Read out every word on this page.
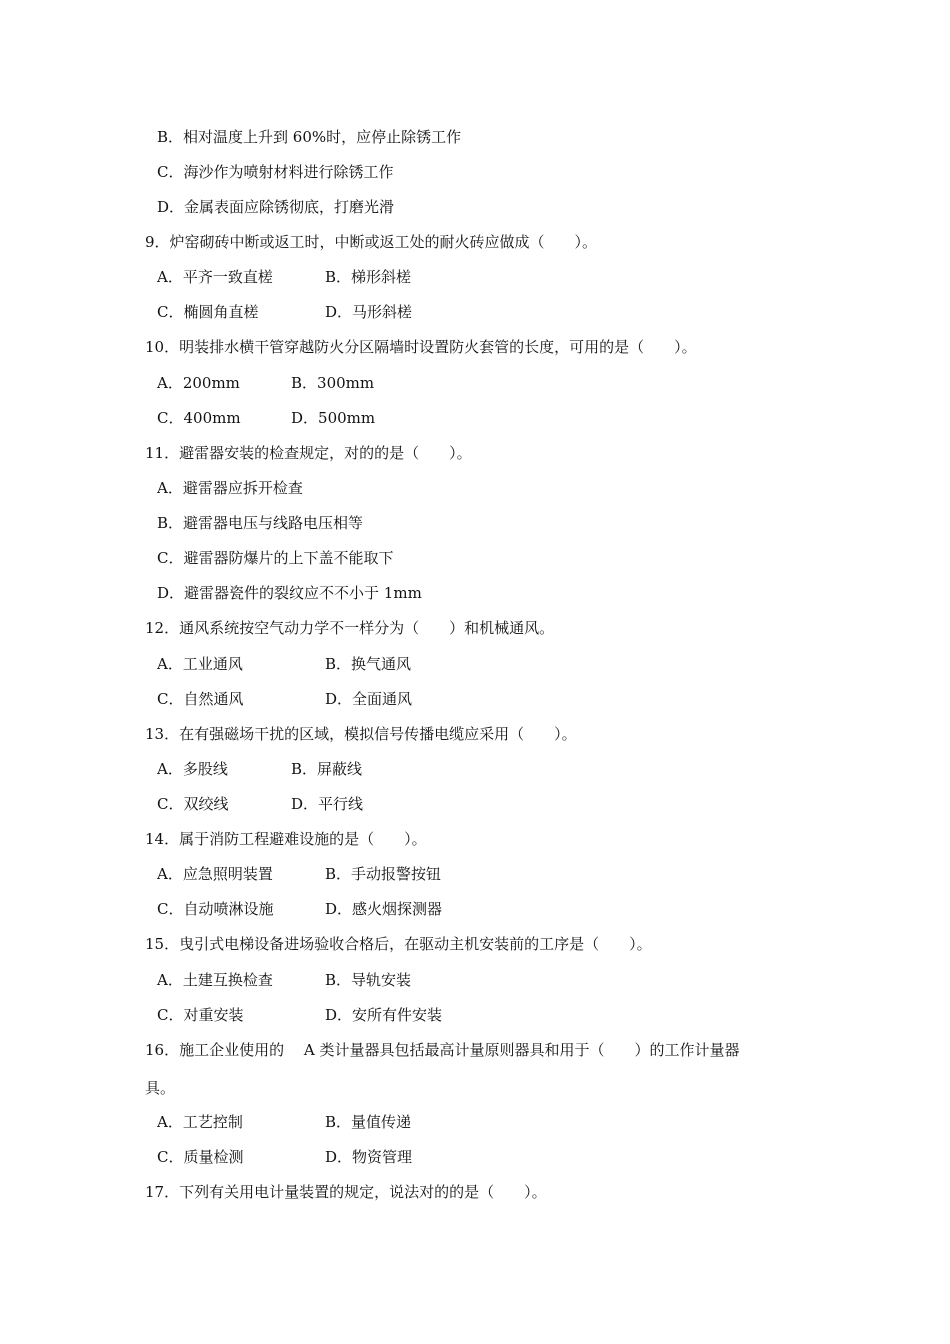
B．相对温度上升到 60%时，应停止除锈工作
C．海沙作为喷射材料进行除锈工作
D．金属表面应除锈彻底，打磨光滑
9．炉窑砌砖中断或返工时，中断或返工处的耐火砖应做成（　　）。
A．平齐一致直槎	B．梯形斜槎
C．椭圆角直槎	D．马形斜槎
10．明装排水横干管穿越防火分区隔墙时设置防火套管的长度，可用的是（　　）。
A．200mm	B．300mm
C．400mm	D．500mm
11．避雷器安装的检查规定，对的的是（　　）。
A．避雷器应拆开检查
B．避雷器电压与线路电压相等
C．避雷器防爆片的上下盖不能取下
D．避雷器瓷件的裂纹应不不小于 1mm
12．通风系统按空气动力学不一样分为（　　）和机械通风。
A．工业通风	B．换气通风
C．自然通风	D．全面通风
13．在有强磁场干扰的区域，模拟信号传播电缆应采用（　　）。
A．多股线	B．屏蔽线
C．双绞线	D．平行线
14．属于消防工程避难设施的是（　　）。
A．应急照明装置	B．手动报警按钮
C．自动喷淋设施	D．感火烟探测器
15．曳引式电梯设备进场验收合格后，在驱动主机安装前的工序是（　　）。
A．土建互换检查	B．导轨安装
C．对重安装	D．安所有件安装
16．施工企业使用的　 A 类计量器具包括最高计量原则器具和用于（　　）的工作计量器
具。
A．工艺控制	B．量值传递
C．质量检测	D．物资管理
17．下列有关用电计量装置的规定，说法对的的是（　　）。
